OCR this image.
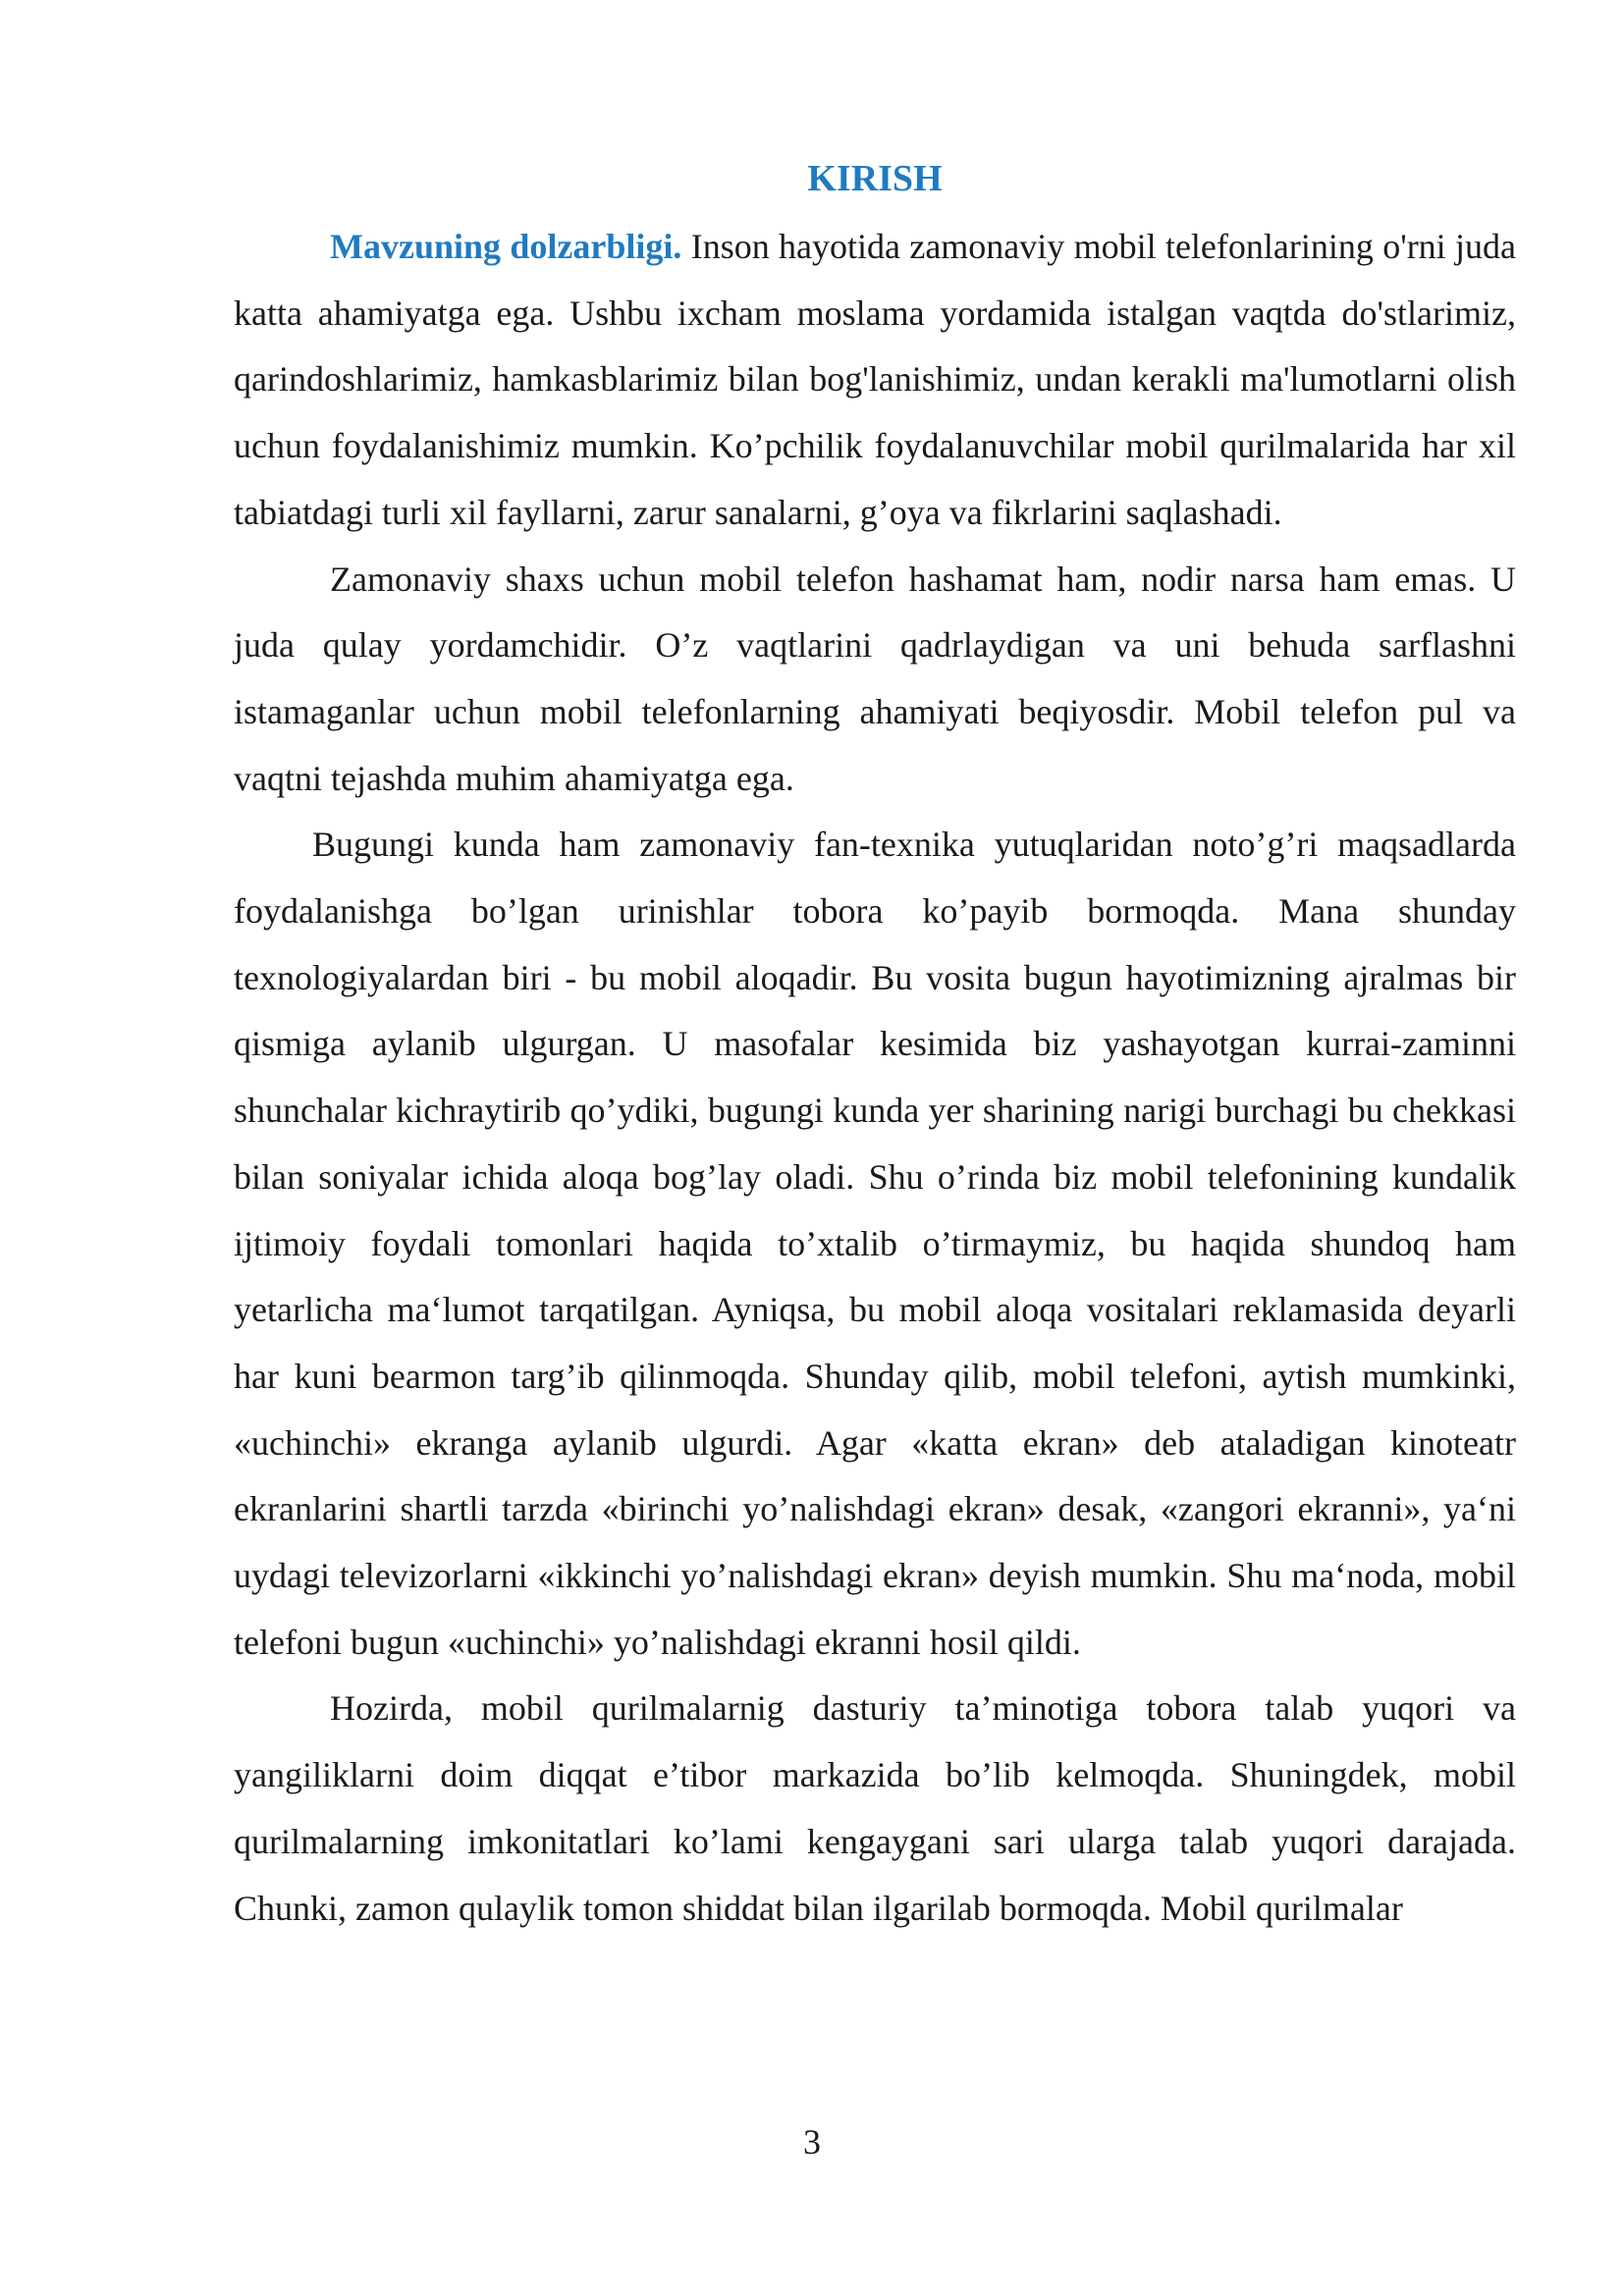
KIRISH

Mavzuning dolzarbligi. Inson hayotida zamonaviy mobil telefonlarining o'rni juda katta ahamiyatga ega. Ushbu ixcham moslama yordamida istalgan vaqtda do'stlarimiz, qarindoshlarimiz, hamkasblarimiz bilan bog'lanishimiz, undan kerakli ma'lumotlarni olish uchun foydalanishimiz mumkin. Ko’pchilik foydalanuvchilar mobil qurilmalarida har xil tabiatdagi turli xil fayllarni, zarur sanalarni, g’oya va fikrlarini saqlashadi.

Zamonaviy shaxs uchun mobil telefon hashamat ham, nodir narsa ham emas. U juda qulay yordamchidir. O’z vaqtlarini qadrlaydigan va uni behuda sarflashni istamaganlar uchun mobil telefonlarning ahamiyati beqiyosdir. Mobil telefon pul va vaqtni tejashda muhim ahamiyatga ega.

Bugungi kunda ham zamonaviy fan-texnika yutuqlaridan noto’g’ri maqsadlarda foydalanishga bo’lgan urinishlar tobora ko’payib bormoqda. Mana shunday texnologiyalardan biri - bu mobil aloqadir. Bu vosita bugun hayotimizning ajralmas bir qismiga aylanib ulgurgan. U masofalar kesimida biz yashayotgan kurrai-zaminni shunchalar kichraytirib qo’ydiki, bugungi kunda yer sharining narigi burchagi bu chekkasi bilan soniyalar ichida aloqa bog’lay oladi. Shu o’rinda biz mobil telefonining kundalik ijtimoiy foydali tomonlari haqida to’xtalib o’tirmaymiz, bu haqida shundoq ham yetarlicha ma‘lumot tarqatilgan. Ayniqsa, bu mobil aloqa vositalari reklamasida deyarli har kuni bearmon targ’ib qilinmoqda. Shunday qilib, mobil telefoni, aytish mumkinki, «uchinchi» ekranga aylanib ulgurdi. Agar «katta ekran» deb ataladigan kinoteatr ekranlarini shartli tarzda «birinchi yo’nalishdagi ekran» desak, «zangori ekranni», ya‘ni uydagi televizorlarni «ikkinchi yo’nalishdagi ekran» deyish mumkin. Shu ma‘noda, mobil telefoni bugun «uchinchi» yo’nalishdagi ekranni hosil qildi.

Hozirda, mobil qurilmalarnig dasturiy ta’minotiga tobora talab yuqori va yangiliklarni doim diqqat e’tibor markazida bo’lib kelmoqda. Shuningdek, mobil qurilmalarning imkonitatlari ko’lami kengaygani sari ularga talab yuqori darajada. Chunki, zamon qulaylik tomon shiddat bilan ilgarilab bormoqda. Mobil qurilmalar

3
